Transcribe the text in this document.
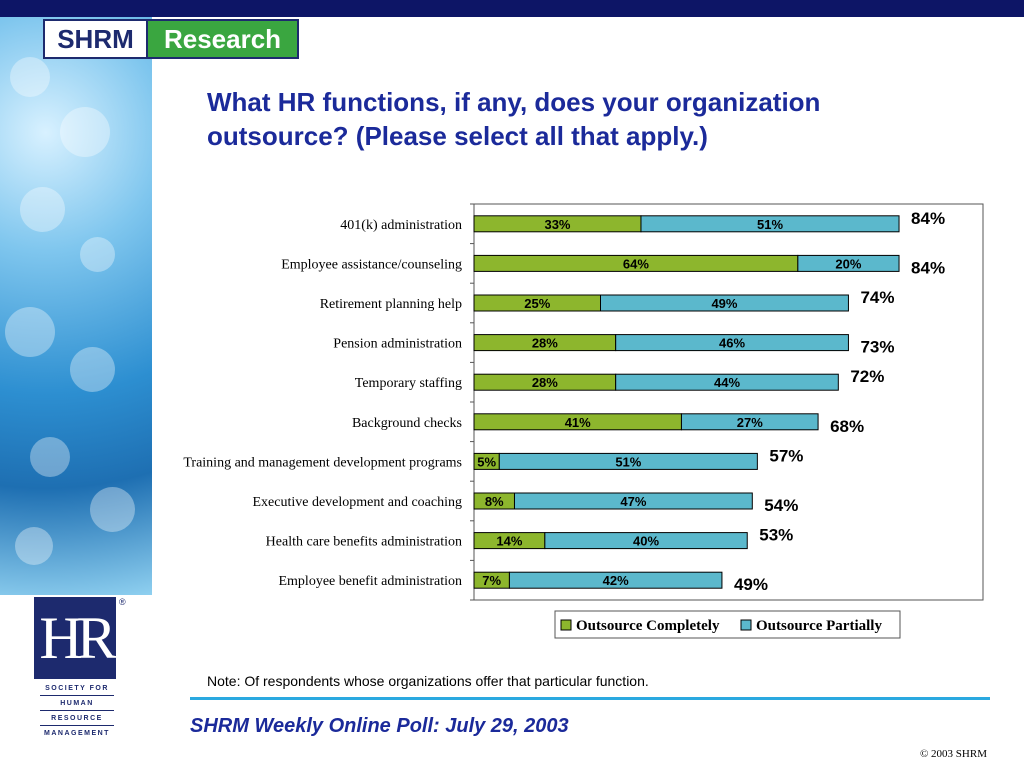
SHRM	Research
What HR functions, if any, does your organization outsource? (Please select all that apply.)
401(k) administration	33%	51%	84%
Employee assistance/counseling	64%	20%	84%
Retirement planning help	25%	49%	74%
Pension administration	28%	46%	73%
Temporary staffing	28%	44%	72%
Background checks	41%	27%	68%
Training and management development programs 5%	51%	57%
Executive development and coaching 8%	47%	54%
Health care benefits administration	14%	40%	53%
Employee benefit administration 7%	42%	49%
Outsource Completely Outsource Partially
HR
®
SOCIETY FOR
HUMAN
RESOURCE
MANAGEMENT
Note: Of respondents whose organizations offer that particular function.
SHRM Weekly Online Poll: July 29, 2003
© 2003 SHRM
